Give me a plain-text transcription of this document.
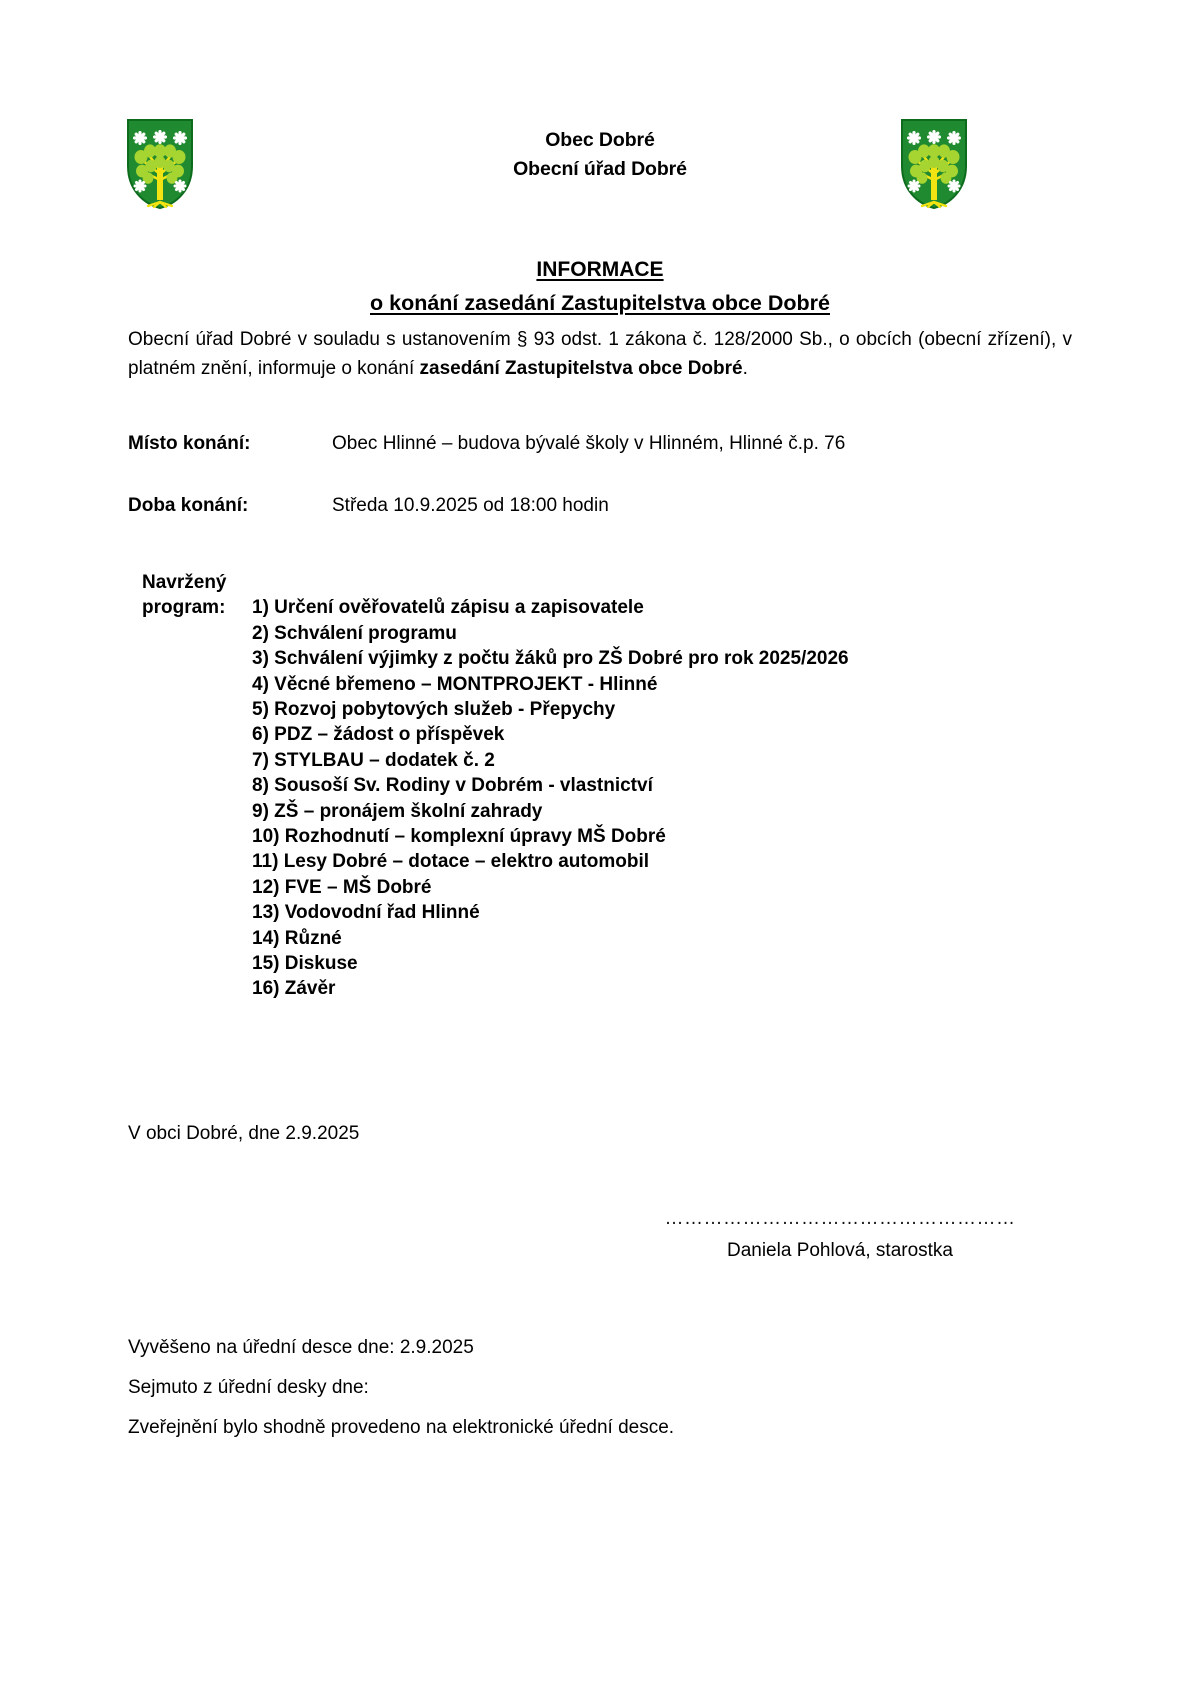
Obec Dobré
Obecní úřad Dobré
INFORMACE
o konání zasedání Zastupitelstva obce Dobré

Obecní úřad Dobré v souladu s ustanovením § 93 odst. 1 zákona č. 128/2000 Sb., o obcích (obecní zřízení), v platném znění, informuje o konání zasedání Zastupitelstva obce Dobré.

Místo konání:	Obec Hlinné – budova bývalé školy v Hlinném, Hlinné č.p. 76
Doba konání:	Středa 10.9.2025 od 18:00 hodin
Navržený
program:	1) Určení ověřovatelů zápisu a zapisovatele
2) Schválení programu
3) Schválení výjimky z počtu žáků pro ZŠ Dobré pro rok 2025/2026
4) Věcné břemeno – MONTPROJEKT - Hlinné
5) Rozvoj pobytových služeb - Přepychy
6) PDZ – žádost o příspěvek
7) STYLBAU – dodatek č. 2
8) Sousoší Sv. Rodiny v Dobrém - vlastnictví
9) ZŠ – pronájem školní zahrady
10) Rozhodnutí – komplexní úpravy MŠ Dobré
11) Lesy Dobré – dotace – elektro automobil
12) FVE – MŠ Dobré
13) Vodovodní řad Hlinné
14) Různé
15) Diskuse
16) Závěr
V obci Dobré, dne 2.9.2025
………………………………………………
Daniela Pohlová, starostka
Vyvěšeno na úřední desce dne: 2.9.2025
Sejmuto z úřední desky dne:
Zveřejnění bylo shodně provedeno na elektronické úřední desce.
